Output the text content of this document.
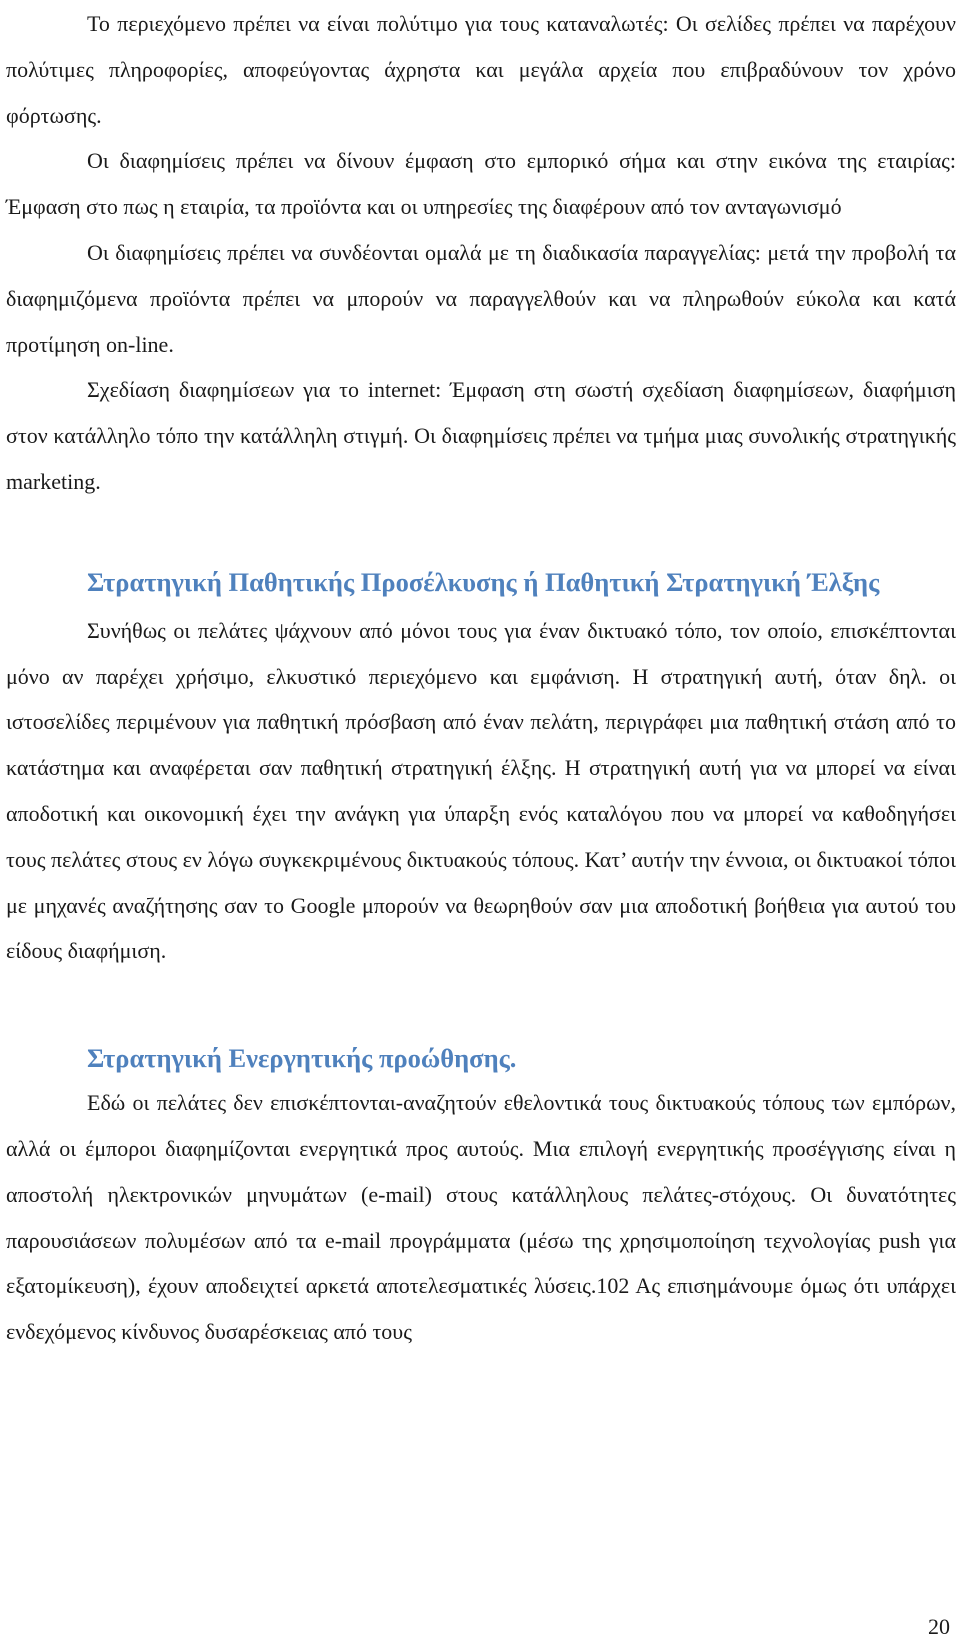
Το περιεχόμενο πρέπει να είναι πολύτιμο για τους καταναλωτές: Οι σελίδες πρέπει να παρέχουν πολύτιμες πληροφορίες, αποφεύγοντας άχρηστα και μεγάλα αρχεία που επιβραδύνουν τον χρόνο φόρτωσης.

Οι διαφημίσεις πρέπει να δίνουν έμφαση στο εμπορικό σήμα και στην εικόνα της εταιρίας: Έμφαση στο πως η εταιρία, τα προϊόντα και οι υπηρεσίες της διαφέρουν από τον ανταγωνισμό

Οι διαφημίσεις πρέπει να συνδέονται ομαλά με τη διαδικασία παραγγελίας: μετά την προβολή τα διαφημιζόμενα προϊόντα πρέπει να μπορούν να παραγγελθούν και να πληρωθούν εύκολα και κατά προτίμηση on-line.

Σχεδίαση διαφημίσεων για το internet: Έμφαση στη σωστή σχεδίαση διαφημίσεων, διαφήμιση στον κατάλληλο τόπο την κατάλληλη στιγμή. Οι διαφημίσεις πρέπει να τμήμα μιας συνολικής στρατηγικής marketing.

Στρατηγική Παθητικής Προσέλκυσης ή Παθητική Στρατηγική Έλξης

Συνήθως οι πελάτες ψάχνουν από μόνοι τους για έναν δικτυακό τόπο, τον οποίο, επισκέπτονται μόνο αν παρέχει χρήσιμο, ελκυστικό περιεχόμενο και εμφάνιση. Η στρατηγική αυτή, όταν δηλ. οι ιστοσελίδες περιμένουν για παθητική πρόσβαση από έναν πελάτη, περιγράφει μια παθητική στάση από το κατάστημα και αναφέρεται σαν παθητική στρατηγική έλξης. Η στρατηγική αυτή για να μπορεί να είναι αποδοτική και οικονομική έχει την ανάγκη για ύπαρξη ενός καταλόγου που να μπορεί να καθοδηγήσει τους πελάτες στους εν λόγω συγκεκριμένους δικτυακούς τόπους. Κατ’ αυτήν την έννοια, οι δικτυακοί τόποι με μηχανές αναζήτησης σαν το Google μπορούν να θεωρηθούν σαν μια αποδοτική βοήθεια για αυτού του είδους διαφήμιση.

Στρατηγική Ενεργητικής προώθησης.

Εδώ οι πελάτες δεν επισκέπτονται-αναζητούν εθελοντικά τους δικτυακούς τόπους των εμπόρων, αλλά οι έμποροι διαφημίζονται ενεργητικά προς αυτούς. Μια επιλογή ενεργητικής προσέγγισης είναι η αποστολή ηλεκτρονικών μηνυμάτων (e-mail) στους κατάλληλους πελάτες-στόχους. Οι δυνατότητες παρουσιάσεων πολυμέσων από τα e-mail προγράμματα (μέσω της χρησιμοποίηση τεχνολογίας push για εξατομίκευση), έχουν αποδειχτεί αρκετά αποτελεσματικές λύσεις.102 Ας επισημάνουμε όμως ότι υπάρχει ενδεχόμενος κίνδυνος δυσαρέσκειας από τους

20
